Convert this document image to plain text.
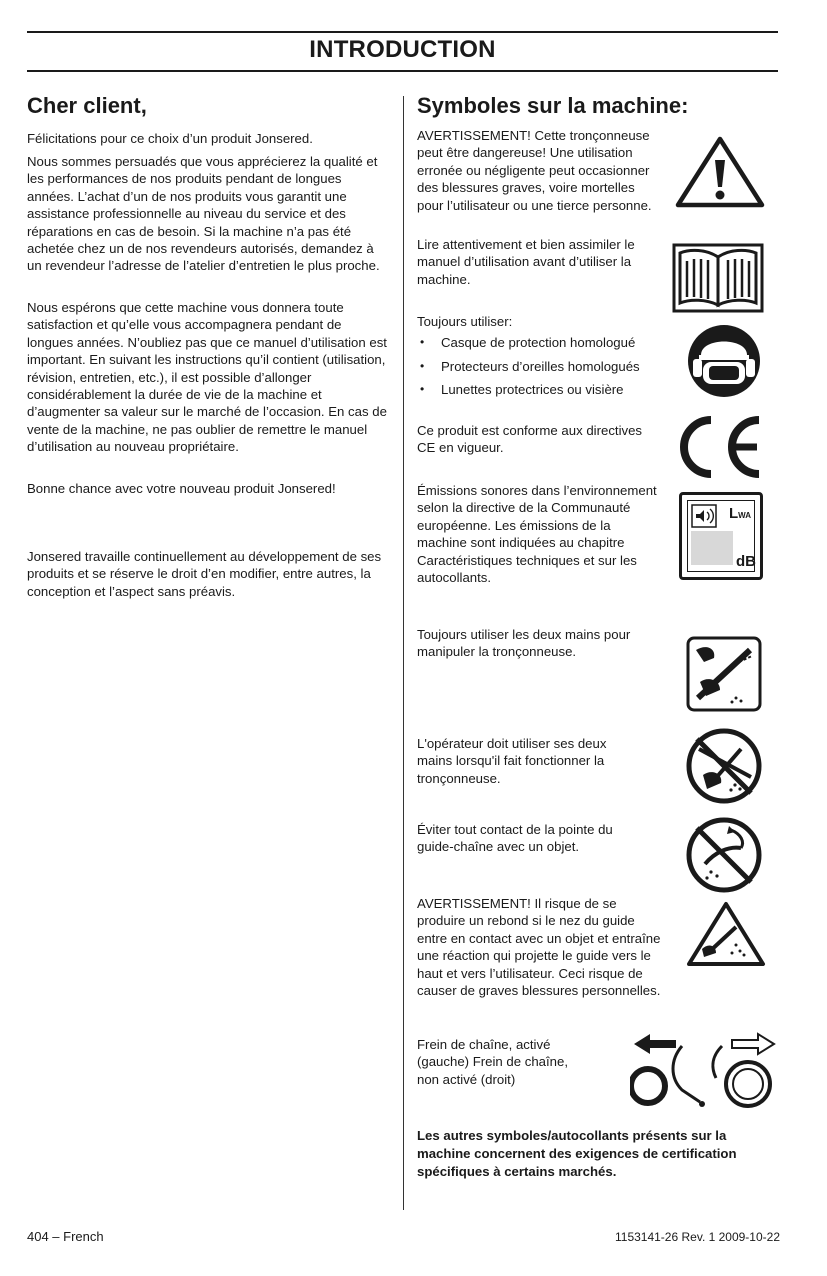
INTRODUCTION
Cher client,

Félicitations pour ce choix d’un produit Jonsered.

Nous sommes persuadés que vous apprécierez la qualité et les performances de nos produits pendant de longues années. L’achat d’un de nos produits vous garantit une assistance professionnelle au niveau du service et des réparations en cas de besoin. Si la machine n’a pas été achetée chez un de nos revendeurs autorisés, demandez à un revendeur l’adresse de l’atelier d’entretien le plus proche.

Nous espérons que cette machine vous donnera toute satisfaction et qu’elle vous accompagnera pendant de longues années. N’oubliez pas que ce manuel d’utilisation est important. En suivant les instructions qu’il contient (utilisation, révision, entretien, etc.), il est possible d’allonger considérablement la durée de vie de la machine et d’augmenter sa valeur sur le marché de l’occasion. En cas de vente de la machine, ne pas oublier de remettre le manuel d’utilisation au nouveau propriétaire.

Bonne chance avec votre nouveau produit Jonsered!

Jonsered travaille continuellement au développement de ses produits et se réserve le droit d’en modifier, entre autres, la conception et l’aspect sans préavis.

Symboles sur la machine:

AVERTISSEMENT! Cette tronçonneuse peut être dangereuse! Une utilisation erronée ou négligente peut occasionner des blessures graves, voire mortelles pour l’utilisateur ou une tierce personne.

Lire attentivement et bien assimiler le manuel d’utilisation avant d’utiliser la machine.

Toujours utiliser:

• Casque de protection homologué
• Protecteurs d’oreilles homologués
• Lunettes protectrices ou visière

Ce produit est conforme aux directives CE en vigueur.

Émissions sonores dans l’environnement selon la directive de la Communauté européenne. Les émissions de la machine sont indiquées au chapitre Caractéristiques techniques et sur les autocollants.

LWA
dB

Toujours utiliser les deux mains pour manipuler la tronçonneuse.

L'opérateur doit utiliser ses deux mains lorsqu'il fait fonctionner la tronçonneuse.

Éviter tout contact de la pointe du guide-chaîne avec un objet.

AVERTISSEMENT! Il risque de se produire un rebond si le nez du guide entre en contact avec un objet et entraîne une réaction qui projette le guide vers le haut et vers l’utilisateur. Ceci risque de causer de graves blessures personnelles.

Frein de chaîne, activé (gauche) Frein de chaîne, non activé (droit)

Les autres symboles/autocollants présents sur la machine concernent des exigences de certification spécifiques à certains marchés.
404 – French	1153141-26 Rev. 1 2009-10-22
